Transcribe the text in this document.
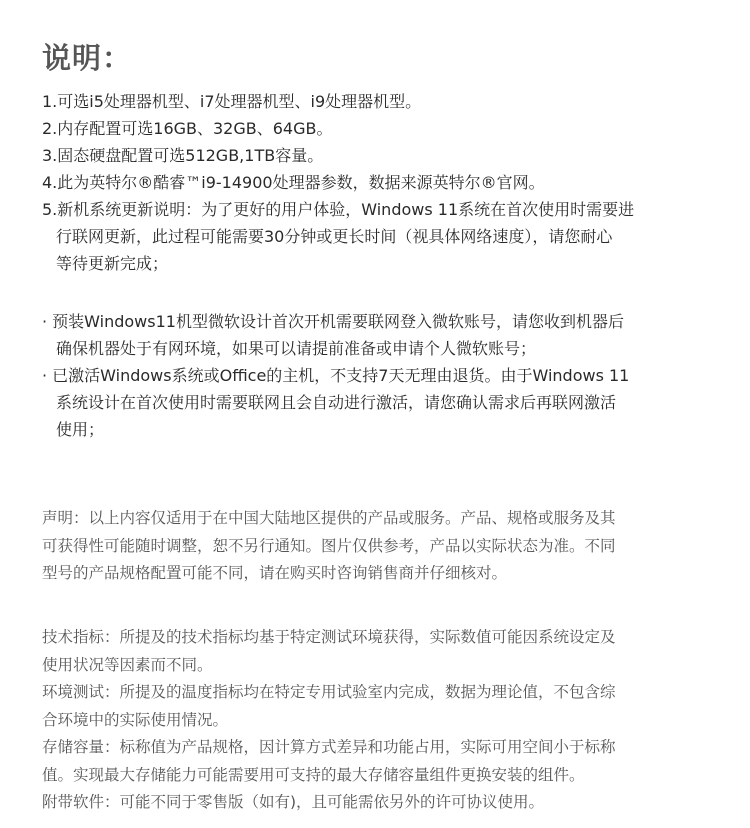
说明：
1.可选i5处理器机型、i7处理器机型、i9处理器机型。
2.内存配置可选16GB、32GB、64GB。
3.固态硬盘配置可选512GB,1TB容量。
4.此为英特尔®酷睿™i9-14900处理器参数，数据来源英特尔®官网。
5.新机系统更新说明：为了更好的用户体验，Windows 11系统在首次使用时需要进
行联网更新，此过程可能需要30分钟或更长时间（视具体网络速度），请您耐心
等待更新完成；
· 预装Windows11机型微软设计首次开机需要联网登入微软账号，请您收到机器后
确保机器处于有网环境，如果可以请提前准备或申请个人微软账号；
· 已激活Windows系统或Office的主机，不支持7天无理由退货。由于Windows 11
系统设计在首次使用时需要联网且会自动进行激活，请您确认需求后再联网激活
使用；
声明：以上内容仅适用于在中国大陆地区提供的产品或服务。产品、规格或服务及其
可获得性可能随时调整，恕不另行通知。图片仅供参考，产品以实际状态为准。不同
型号的产品规格配置可能不同，请在购买时咨询销售商并仔细核对。
技术指标：所提及的技术指标均基于特定测试环境获得，实际数值可能因系统设定及
使用状况等因素而不同。
环境测试：所提及的温度指标均在特定专用试验室内完成，数据为理论值，不包含综
合环境中的实际使用情况。
存储容量：标称值为产品规格，因计算方式差异和功能占用，实际可用空间小于标称
值。实现最大存储能力可能需要用可支持的最大存储容量组件更换安装的组件。
附带软件：可能不同于零售版（如有)，且可能需依另外的许可协议使用。
